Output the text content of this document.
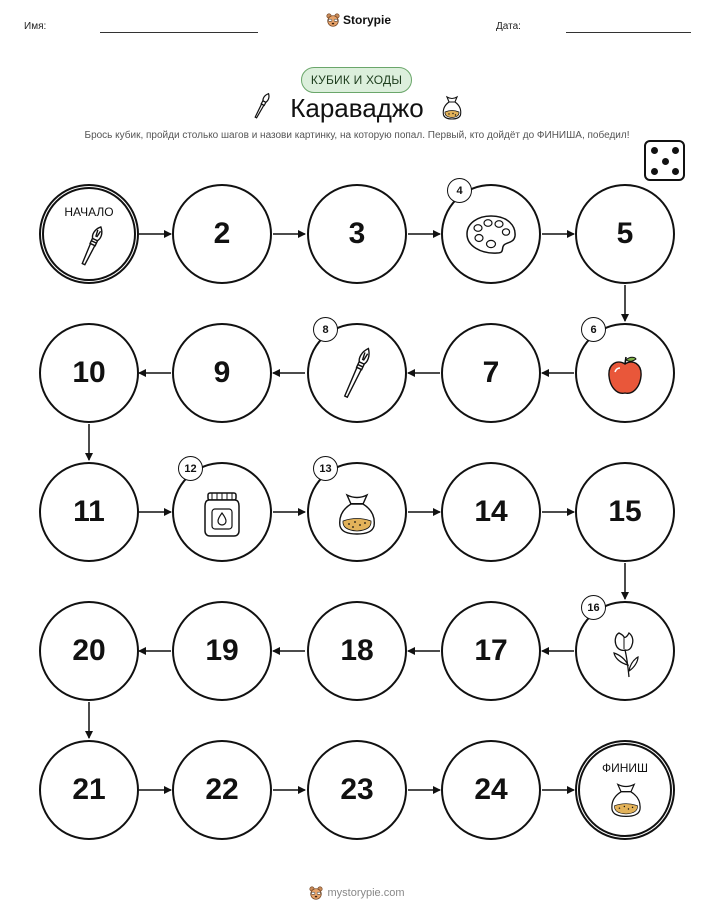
Имя:	Storypie	Дата:
КУБИК И ХОДЫ
Караваджо
Брось кубик, пройди столько шагов и назови картинку, на которую попал. Первый, кто дойдёт до ФИНИША, победил!
НАЧАЛО
2	3
4
5
6
7
8
9
10
11
12	13
14	15
16
17
18
19
20
21	22	23	24
ФИНИШ
mystorypie.com
